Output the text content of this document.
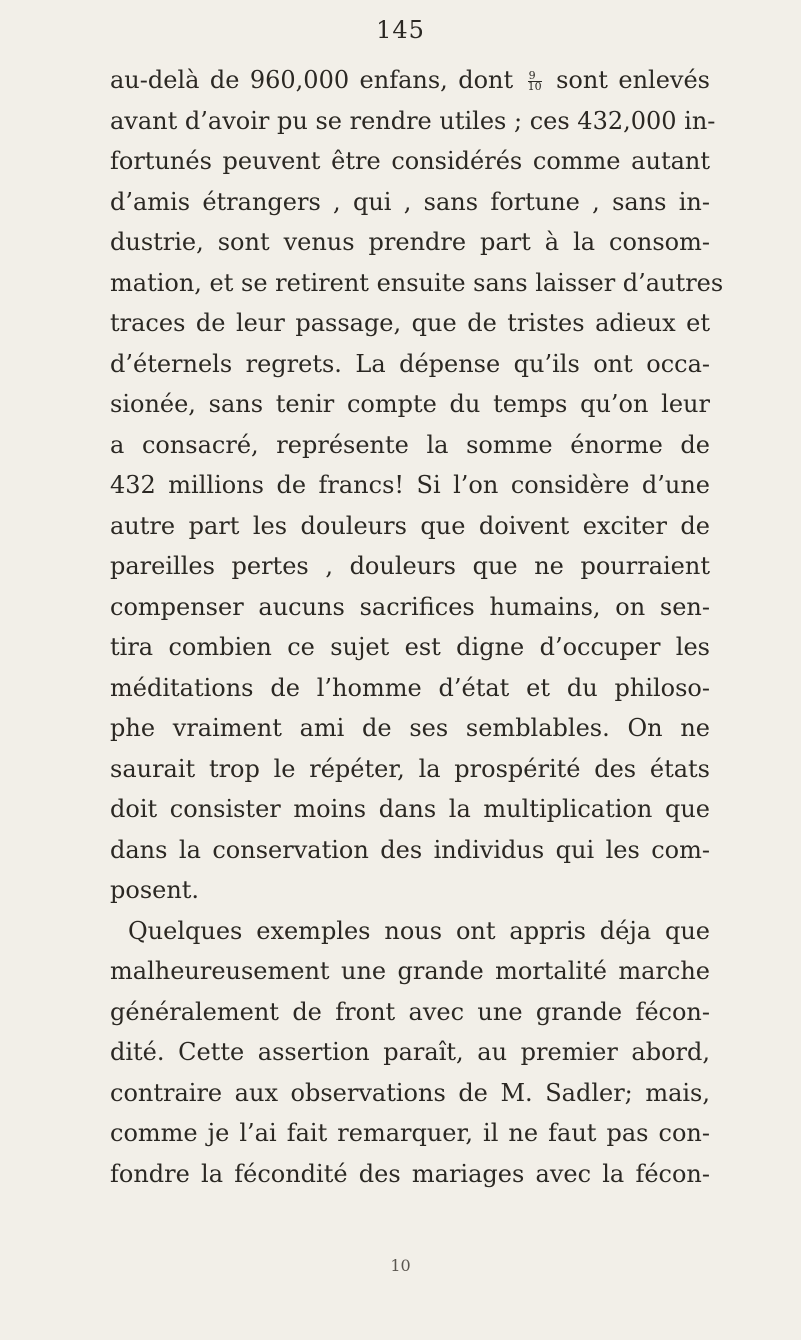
145
au-delà de 960,000 enfans, dont $\frac{9}{10}$ sont enlevés
avant d’avoir pu se rendre utiles ; ces 432,000 in-
fortunés peuvent être considérés comme autant
d’amis étrangers , qui , sans fortune , sans in-
dustrie, sont venus prendre part à la consom-
mation, et se retirent ensuite sans laisser d’autres
traces de leur passage, que de tristes adieux et
d’éternels regrets. La dépense qu’ils ont occa-
sionée, sans tenir compte du temps qu’on leur
a consacré, représente la somme énorme de
432 millions de francs! Si l’on considère d’une
autre part les douleurs que doivent exciter de
pareilles pertes , douleurs que ne pourraient
compenser aucuns sacrifices humains, on sen-
tira combien ce sujet est digne d’occuper les
méditations de l’homme d’état et du philoso-
phe vraiment ami de ses semblables. On ne
saurait trop le répéter, la prospérité des états
doit consister moins dans la multiplication que
dans la conservation des individus qui les com-
posent.
Quelques exemples nous ont appris déja que
malheureusement une grande mortalité marche
généralement de front avec une grande fécon-
dité. Cette assertion paraît, au premier abord,
contraire aux observations de M. Sadler; mais,
comme je l’ai fait remarquer, il ne faut pas con-
fondre la fécondité des mariages avec la fécon-
10
